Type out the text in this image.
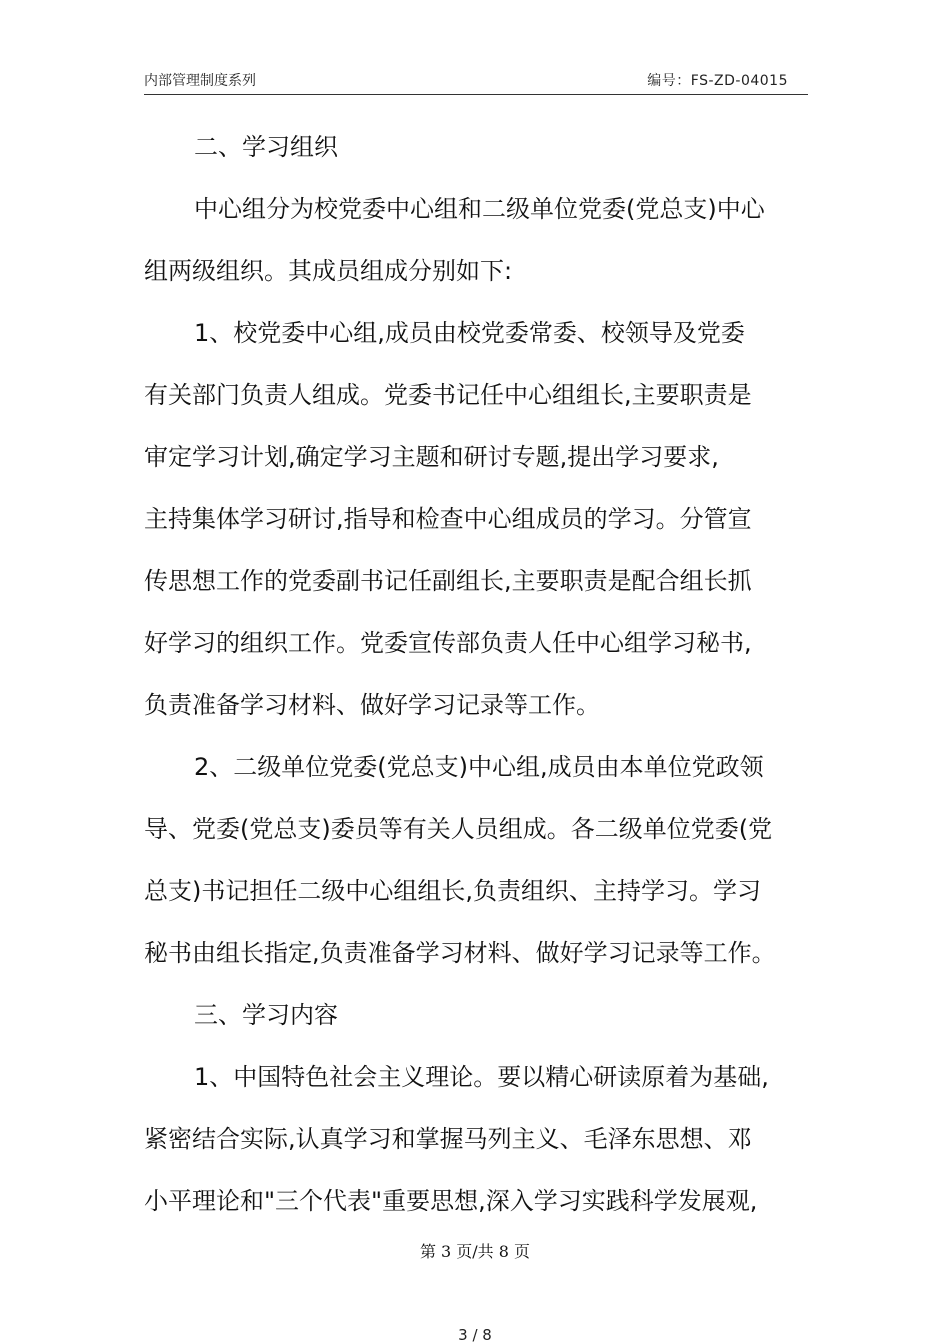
内部管理制度系列	编号：FS-ZD-04015
二、学习组织
中心组分为校党委中心组和二级单位党委(党总支)中心
组两级组织。其成员组成分别如下:
1、校党委中心组,成员由校党委常委、校领导及党委
有关部门负责人组成。党委书记任中心组组长,主要职责是
审定学习计划,确定学习主题和研讨专题,提出学习要求,
主持集体学习研讨,指导和检查中心组成员的学习。分管宣
传思想工作的党委副书记任副组长,主要职责是配合组长抓
好学习的组织工作。党委宣传部负责人任中心组学习秘书,
负责准备学习材料、做好学习记录等工作。
2、二级单位党委(党总支)中心组,成员由本单位党政领
导、党委(党总支)委员等有关人员组成。各二级单位党委(党
总支)书记担任二级中心组组长,负责组织、主持学习。学习
秘书由组长指定,负责准备学习材料、做好学习记录等工作。
三、学习内容
1、中国特色社会主义理论。要以精心研读原着为基础,
紧密结合实际,认真学习和掌握马列主义、毛泽东思想、邓
小平理论和"三个代表"重要思想,深入学习实践科学发展观,
第 3 页/共 8 页
3 / 8
